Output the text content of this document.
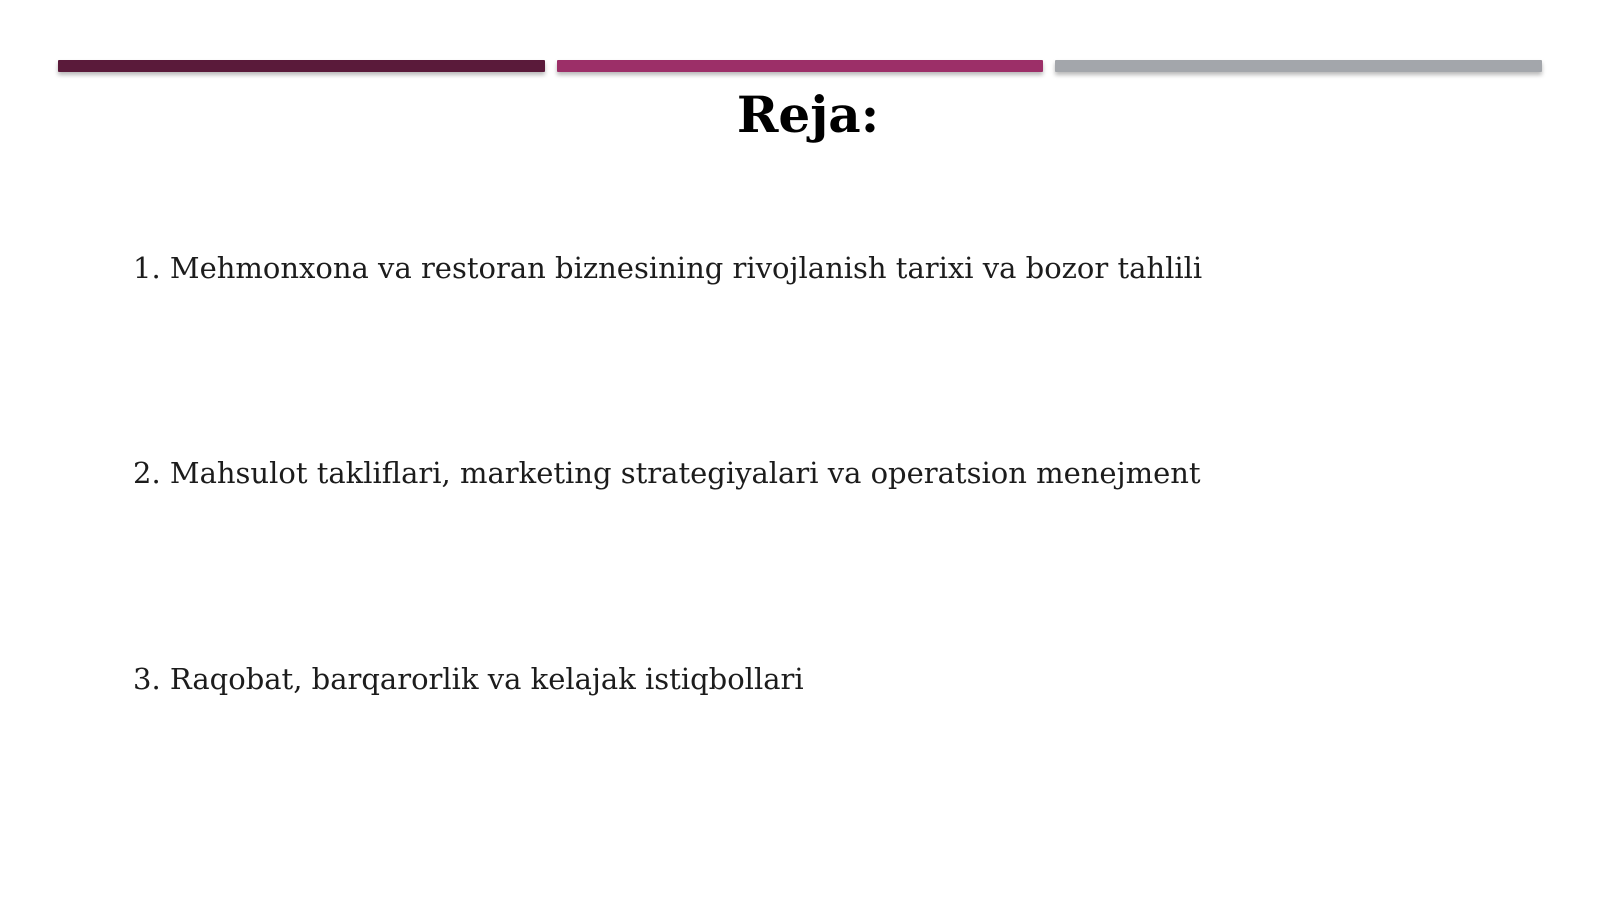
Reja:
1. Mehmonxona va restoran biznesining rivojlanish tarixi va bozor tahlili
2. Mahsulot takliflari, marketing strategiyalari va operatsion menejment
3. Raqobat, barqarorlik va kelajak istiqbollari
